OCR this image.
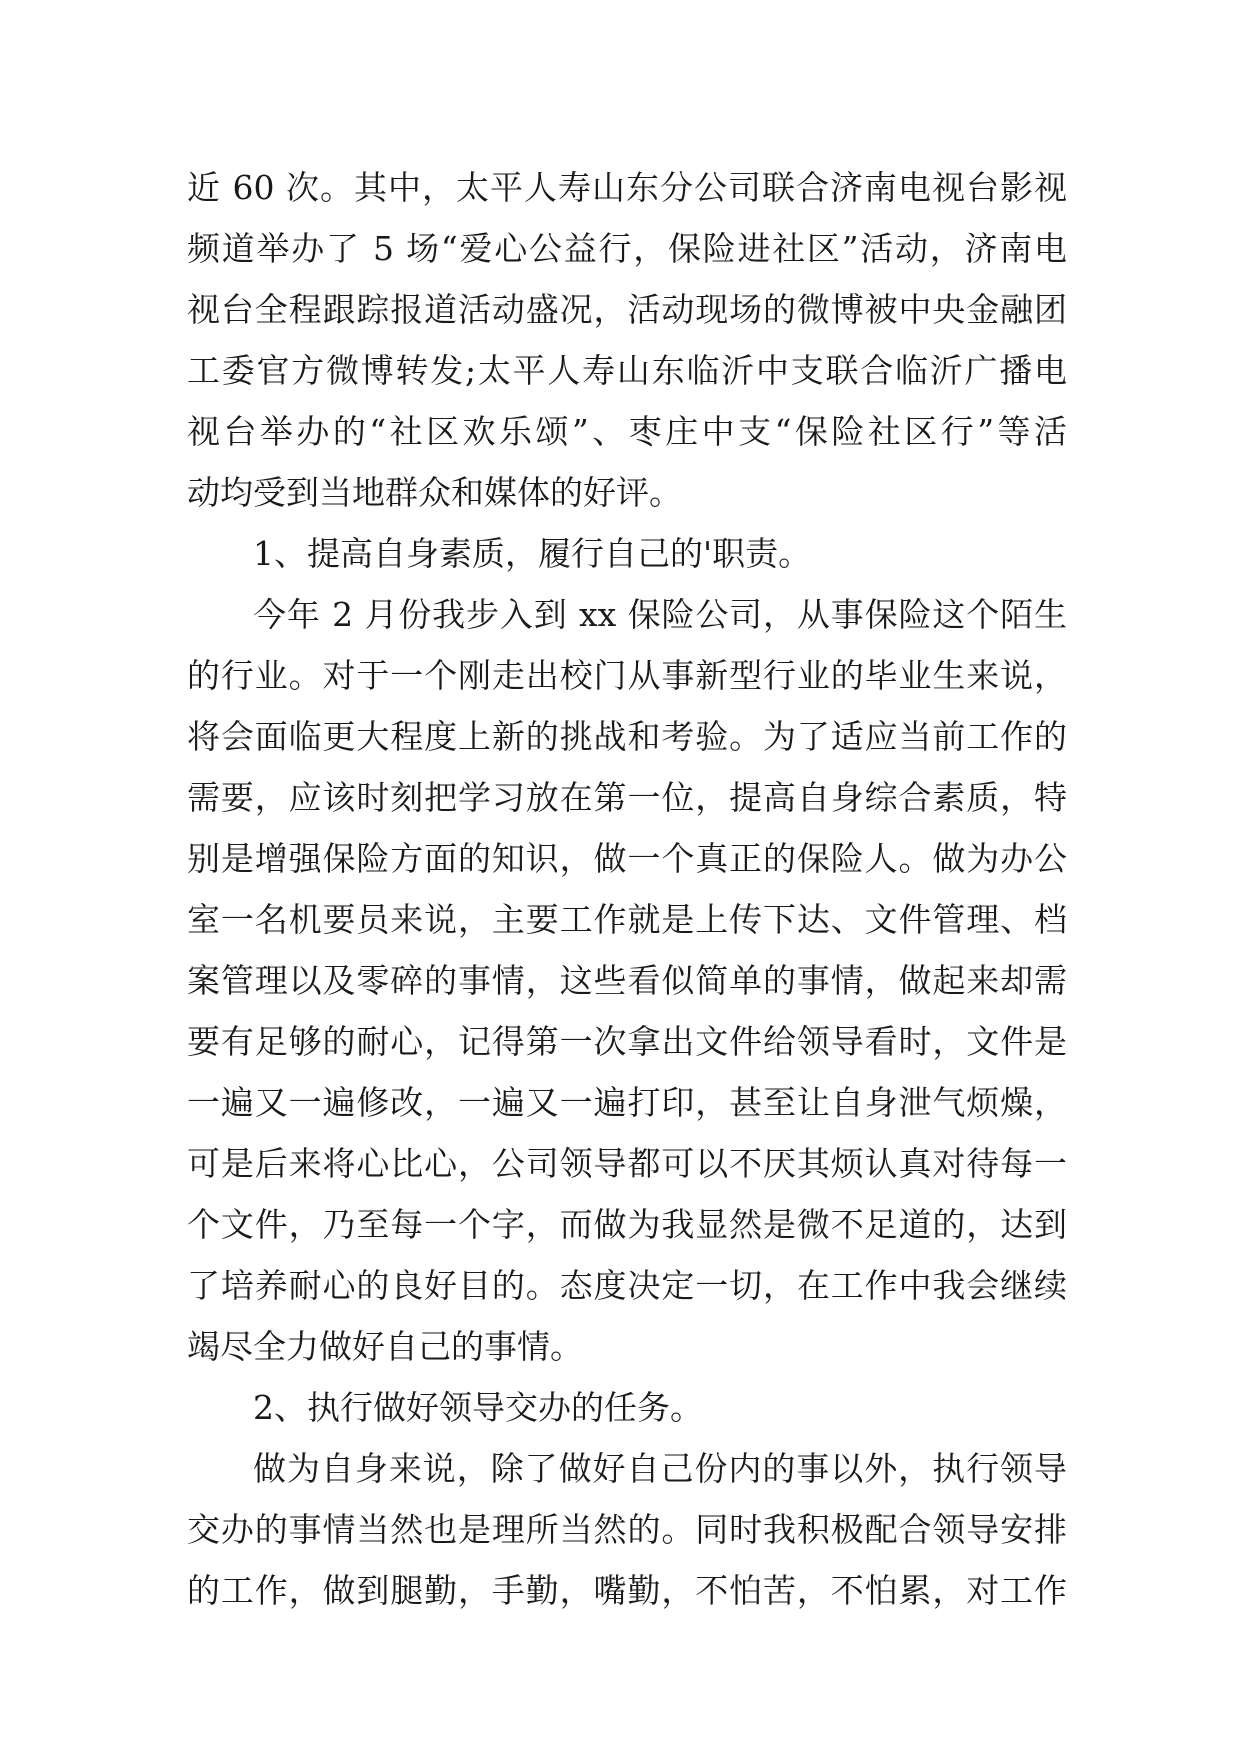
近 60 次。其中，太平人寿山东分公司联合济南电视台影视
频道举办了 5 场“爱心公益行，保险进社区”活动，济南电
视台全程跟踪报道活动盛况，活动现场的微博被中央金融团
工委官方微博转发;太平人寿山东临沂中支联合临沂广播电
视台举办的“社区欢乐颂”、枣庄中支“保险社区行”等活
动均受到当地群众和媒体的好评。
1、提高自身素质，履行自己的'职责。
今年 2 月份我步入到 xx 保险公司，从事保险这个陌生
的行业。对于一个刚走出校门从事新型行业的毕业生来说，
将会面临更大程度上新的挑战和考验。为了适应当前工作的
需要，应该时刻把学习放在第一位，提高自身综合素质，特
别是增强保险方面的知识，做一个真正的保险人。做为办公
室一名机要员来说，主要工作就是上传下达、文件管理、档
案管理以及零碎的事情，这些看似简单的事情，做起来却需
要有足够的耐心，记得第一次拿出文件给领导看时，文件是
一遍又一遍修改，一遍又一遍打印，甚至让自身泄气烦燥，
可是后来将心比心，公司领导都可以不厌其烦认真对待每一
个文件，乃至每一个字，而做为我显然是微不足道的，达到
了培养耐心的良好目的。态度决定一切，在工作中我会继续
竭尽全力做好自己的事情。
2、执行做好领导交办的任务。
做为自身来说，除了做好自己份内的事以外，执行领导
交办的事情当然也是理所当然的。同时我积极配合领导安排
的工作，做到腿勤，手勤，嘴勤，不怕苦，不怕累，对工作
